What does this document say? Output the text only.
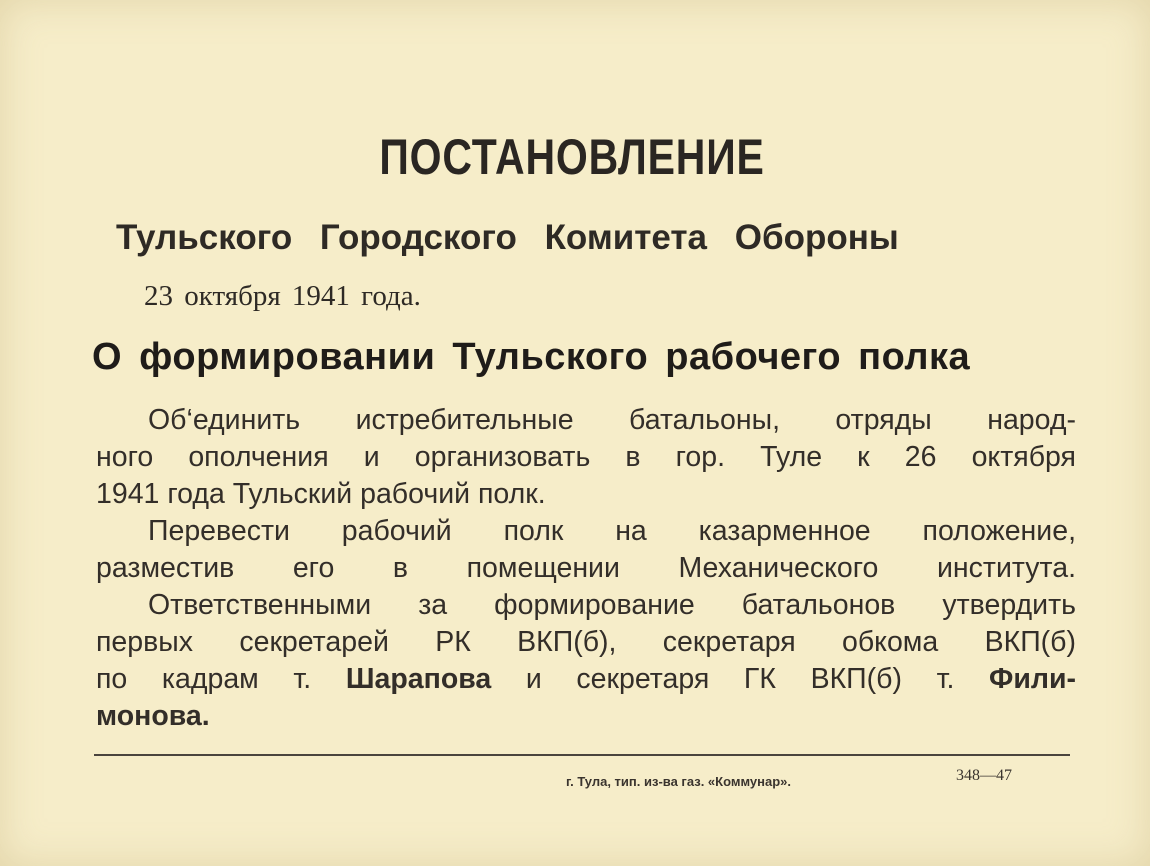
ПОСТАНОВЛЕНИЕ
Тульского Городского Комитета Обороны
23 октября 1941 года.
О формировании Тульского рабочего полка
Об‘единить истребительные батальоны, отряды народ-
ного ополчения и организовать в гор. Туле к 26 октября
1941 года Тульский рабочий полк.
Перевести рабочий полк на казарменное положение,
разместив его в помещении Механического института.
Ответственными за формирование батальонов утвердить
первых секретарей РК ВКП(б), секретаря обкома ВКП(б)
по кадрам т. Шарапова и секретаря ГК ВКП(б) т. Фили-
монова.
г. Тула, тип. из-ва газ. «Коммунар».	348—47
